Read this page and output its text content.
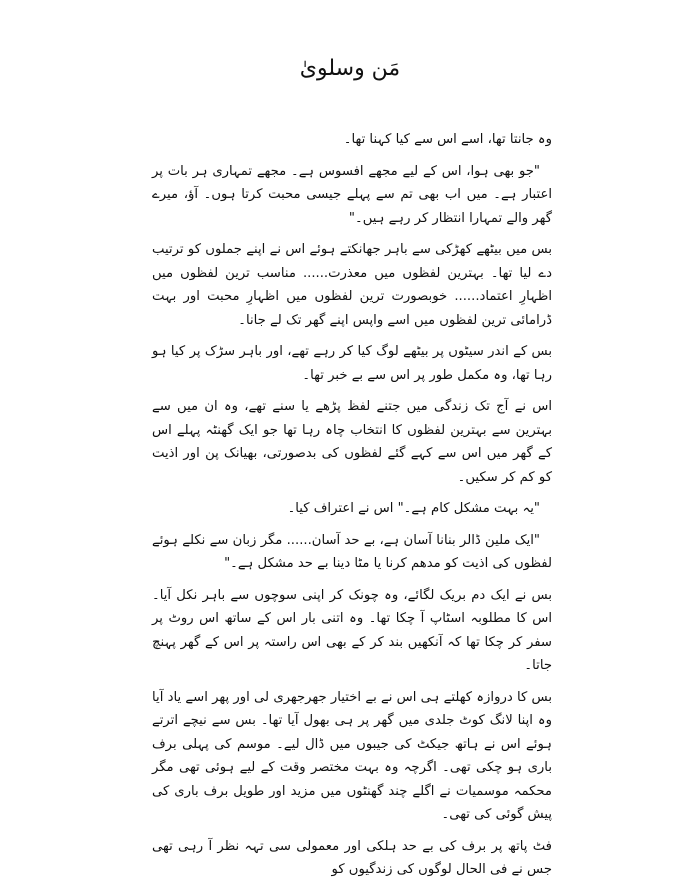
مَن وسلویٰ

وہ جانتا تھا، اسے اس سے کیا کہنا تھا۔

"جو بھی ہوا، اس کے لیے مجھے افسوس ہے۔ مجھے تمہاری ہر بات پر اعتبار ہے۔ میں اب بھی تم سے پہلے جیسی محبت کرتا ہوں۔ آؤ، میرے گھر والے تمہارا انتظار کر رہے ہیں۔"

بس میں بیٹھے کھڑکی سے باہر جھانکتے ہوئے اس نے اپنے جملوں کو ترتیب دے لیا تھا۔ بہترین لفظوں میں معذرت...... مناسب ترین لفظوں میں اظہارِ اعتماد...... خوبصورت ترین لفظوں میں اظہارِ محبت اور بہت ڈرامائی ترین لفظوں میں اسے واپس اپنے گھر تک لے جانا۔

بس کے اندر سیٹوں پر بیٹھے لوگ کیا کر رہے تھے، اور باہر سڑک پر کیا ہو رہا تھا، وہ مکمل طور پر اس سے بے خبر تھا۔

اس نے آج تک زندگی میں جتنے لفظ پڑھے یا سنے تھے، وہ ان میں سے بہترین سے بہترین لفظوں کا انتخاب چاہ رہا تھا جو ایک گھنٹہ پہلے اس کے گھر میں اس سے کہے گئے لفظوں کی بدصورتی، بھیانک پن اور اذیت کو کم کر سکیں۔

"یہ بہت مشکل کام ہے۔" اس نے اعتراف کیا۔

"ایک ملین ڈالر بنانا آسان ہے، بے حد آسان...... مگر زبان سے نکلے ہوئے لفظوں کی اذیت کو مدھم کرنا یا مٹا دینا بے حد مشکل ہے۔"

بس نے ایک دم بریک لگائے، وہ چونک کر اپنی سوچوں سے باہر نکل آیا۔ اس کا مطلوبہ اسٹاپ آ چکا تھا۔ وہ اتنی بار اس کے ساتھ اس روٹ پر سفر کر چکا تھا کہ آنکھیں بند کر کے بھی اس راستہ پر اس کے گھر پہنچ جاتا۔

بس کا دروازہ کھلتے ہی اس نے بے اختیار جھرجھری لی اور پھر اسے یاد آیا وہ اپنا لانگ کوٹ جلدی میں گھر پر ہی بھول آیا تھا۔ بس سے نیچے اترتے ہوئے اس نے ہاتھ جیکٹ کی جیبوں میں ڈال لیے۔ موسم کی پہلی برف باری ہو چکی تھی۔ اگرچہ وہ بہت مختصر وقت کے لیے ہوئی تھی مگر محکمہ موسمیات نے اگلے چند گھنٹوں میں مزید اور طویل برف باری کی پیش گوئی کی تھی۔

فٹ پاتھ پر برف کی بے حد ہلکی اور معمولی سی تہہ نظر آ رہی تھی جس نے فی الحال لوگوں کی زندگیوں کو
